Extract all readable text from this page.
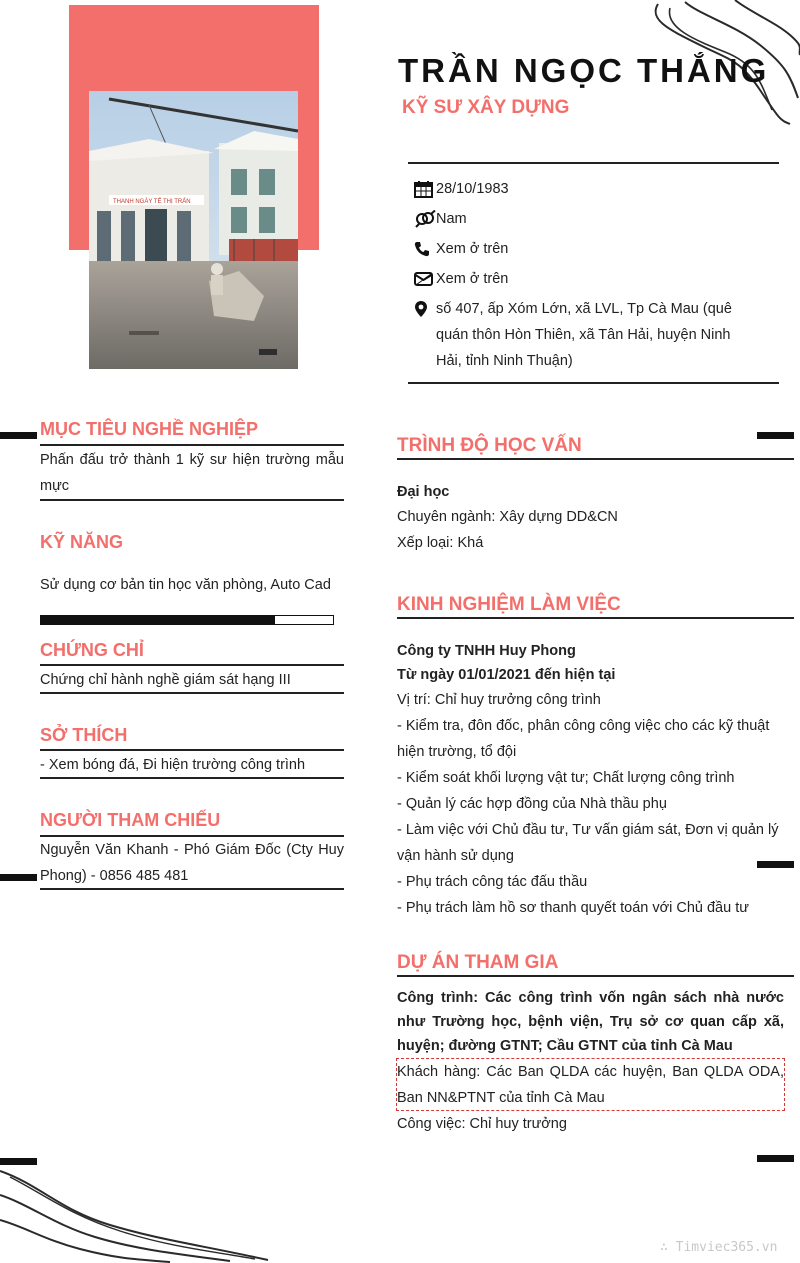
THANH NGÀY TẾ THỊ TRẤN
TRẦN NGỌC THẮNG
KỸ SƯ XÂY DỰNG
28/10/1983
Nam
Xem ở trên
Xem ở trên
số 407, ấp Xóm Lớn, xã LVL, Tp Cà Mau (quê quán thôn Hòn Thiên, xã Tân Hải, huyện Ninh Hải, tỉnh Ninh Thuận)
MỤC TIÊU NGHỀ NGHIỆP
Phấn đấu trở thành 1 kỹ sư hiện trường mẫu mực
KỸ NĂNG
Sử dụng cơ bản tin học văn phòng, Auto Cad
CHỨNG CHỈ
Chứng chỉ hành nghề giám sát hạng III
SỞ THÍCH
- Xem bóng đá, Đi hiện trường công trình
NGƯỜI THAM CHIẾU
Nguyễn Văn Khanh - Phó Giám Đốc (Cty Huy Phong) - 0856 485 481
TRÌNH ĐỘ HỌC VẤN
Đại học
Chuyên ngành: Xây dựng DD&CN
Xếp loại: Khá
KINH NGHIỆM LÀM VIỆC
Công ty TNHH Huy Phong
Từ ngày 01/01/2021 đến hiện tại
Vị trí: Chỉ huy trưởng công trình
- Kiểm tra, đôn đốc, phân công công việc cho các kỹ thuật hiện trường, tổ đội
- Kiểm soát khối lượng vật tư; Chất lượng công trình
- Quản lý các hợp đồng của Nhà thầu phụ
- Làm việc với Chủ đầu tư, Tư vấn giám sát, Đơn vị quản lý vận hành sử dụng
- Phụ trách công tác đấu thầu
- Phụ trách làm hồ sơ thanh quyết toán với Chủ đầu tư
DỰ ÁN THAM GIA
Công trình: Các công trình vốn ngân sách nhà nước như Trường học, bệnh viện, Trụ sở cơ quan cấp xã, huyện; đường GTNT; Cầu GTNT của tỉnh Cà Mau
Khách hàng: Các Ban QLDA các huyện, Ban QLDA ODA, Ban NN&PTNT của tỉnh Cà Mau
Công việc: Chỉ huy trưởng
∴ Timviec365.vn
